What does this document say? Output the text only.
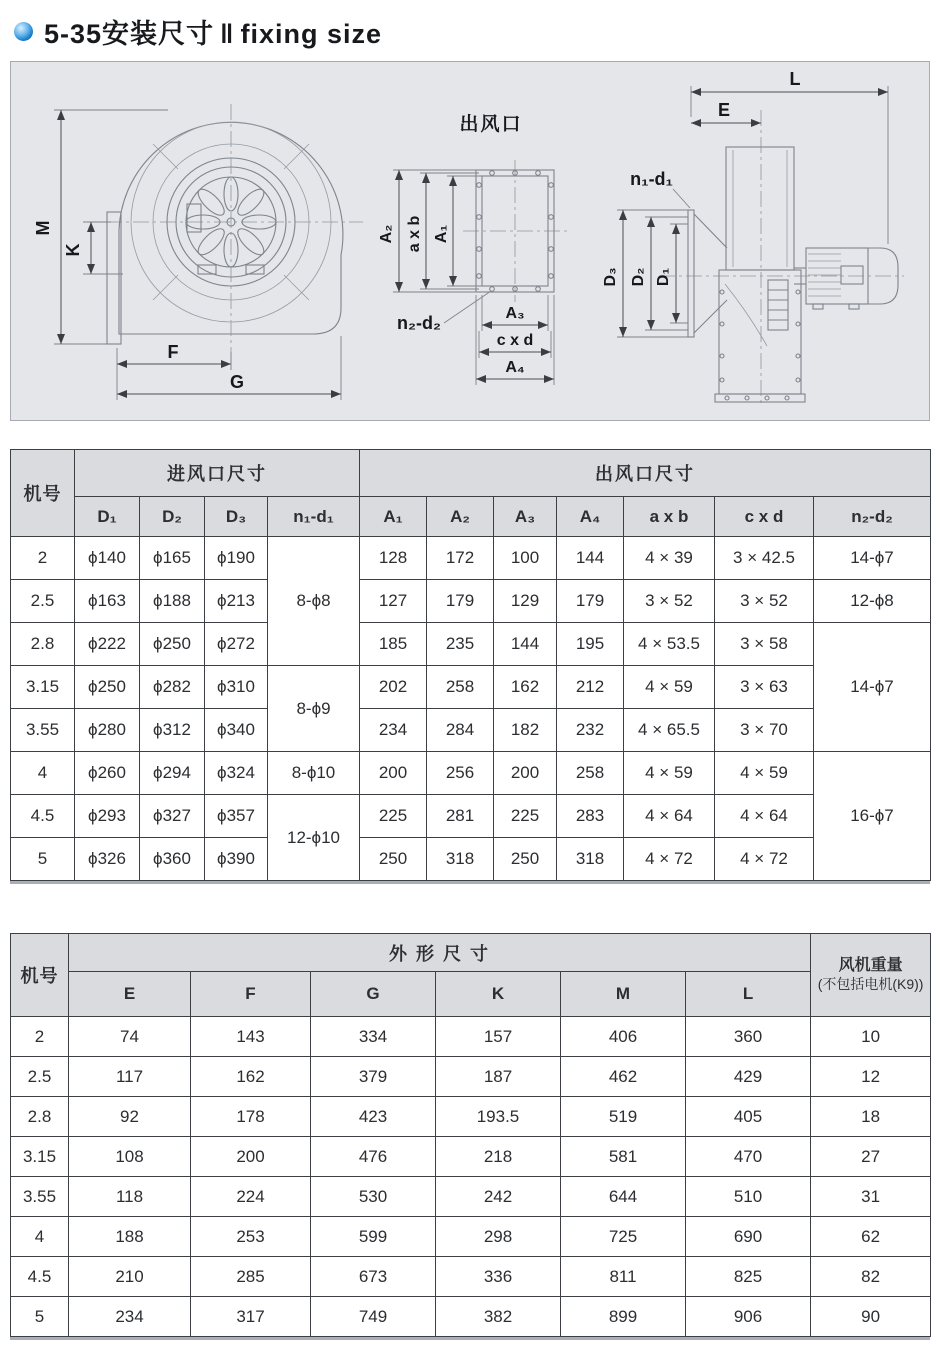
5-35安装尺寸 ‖ fixing size
M
K
F
G
出风口
A₂ a x b A₁
n₂-d₂	A₃
c x d
A₄
L
E
n₁-d₁
D₃ D₂ D₁
机号	进风口尺寸				出风口尺寸						
	D₁	D₂	D₃	n₁-d₁	A₁	A₂	A₃	A₄	a x b	c x d	n₂-d₂
2	ϕ140	ϕ165	ϕ190	8-ϕ8	128	172	100	144	4 × 39	3 × 42.5	14-ϕ7
2.5	ϕ163	ϕ188	ϕ213		127	179	129	179	3 × 52	3 × 52	12-ϕ8
2.8	ϕ222	ϕ250	ϕ272		185	235	144	195	4 × 53.5	3 × 58	14-ϕ7
3.15	ϕ250	ϕ282	ϕ310	8-ϕ9	202	258	162	212	4 × 59	3 × 63	
3.55	ϕ280	ϕ312	ϕ340		234	284	182	232	4 × 65.5	3 × 70	
4	ϕ260	ϕ294	ϕ324	8-ϕ10	200	256	200	258	4 × 59	4 × 59	16-ϕ7
4.5	ϕ293	ϕ327	ϕ357	12-ϕ10	225	281	225	283	4 × 64	4 × 64	
5	ϕ326	ϕ360	ϕ390		250	318	250	318	4 × 72	4 × 72	
机号	外 形 尺 寸						风机重量
(不包括电机(K9))

	E	F	G	K	M	L	
2	74	143	334	157	406	360	10
2.5	117	162	379	187	462	429	12
2.8	92	178	423	193.5	519	405	18
3.15	108	200	476	218	581	470	27
3.55	118	224	530	242	644	510	31
4	188	253	599	298	725	690	62
4.5	210	285	673	336	811	825	82
5	234	317	749	382	899	906	90
